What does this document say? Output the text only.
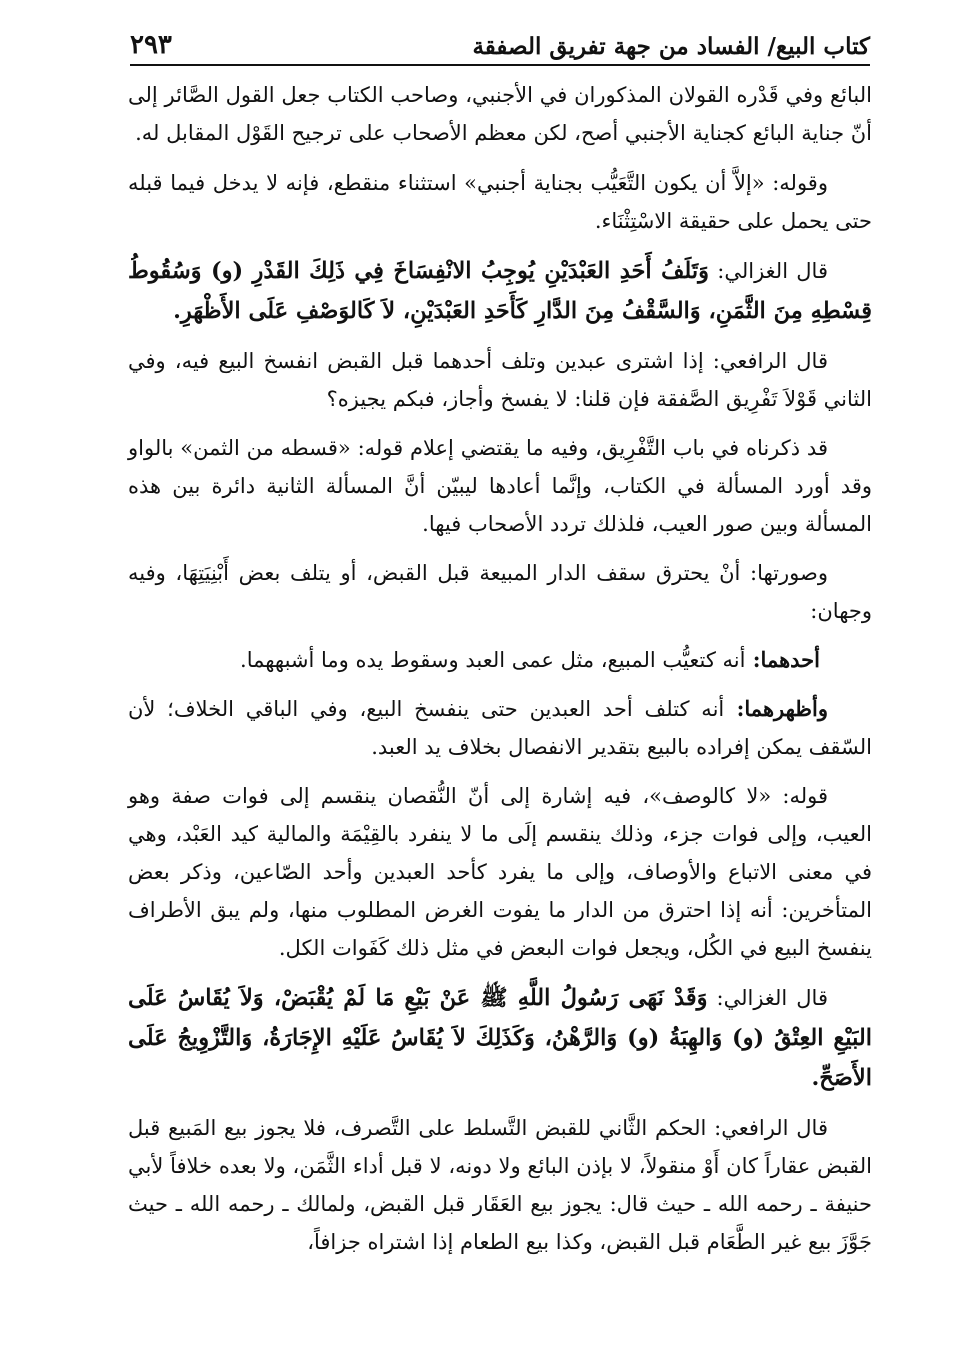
كتاب البيع/ الفساد من جهة تفريق الصفقة
٢٩٣

البائع وفي قَدْره القولان المذكوران في الأجنبي، وصاحب الكتاب جعل القول الصَّائر إلى أنّ جناية البائع كجناية الأجنبي أصح، لكن معظم الأصحاب على ترجيح القَوْل المقابل له.

وقوله: «إلاَّ أن يكون التَّعَيُّب بجناية أجنبي» استثناء منقطع، فإنه لا يدخل فيما قبله حتى يحمل على حقيقة الاسْتِثْنَاء.

قال الغزالي: وَتَلَفُ أَحَدِ العَبْدَيْنِ يُوجِبُ الانْفِسَاخَ فِي ذَلِكَ القَدْرِ (و) وَسُقُوطُ قِسْطِهِ مِنَ الثَّمَنِ، وَالسَّقْفُ مِنَ الدَّارِ كَأَحَدِ العَبْدَيْنِ، لاَ كَالوَصْفِ عَلَى الأَظْهَرِ.

قال الرافعي: إذا اشترى عبدين وتلف أحدهما قبل القبض انفسخ البيع فيه، وفي الثاني قَوْلاَ تَفْرِيق الصَّفقة فإن قلنا: لا يفسخ وأجاز، فبكم يجيزه؟

قد ذكرناه في باب التَّفْرِيق، وفيه ما يقتضي إعلام قوله: «قسطه من الثمن» بالواو وقد أورد المسألة في الكتاب، وإنَّما أعادها ليبيّن أنَّ المسألة الثانية دائرة بين هذه المسألة وبين صور العيب، فلذلك تردد الأصحاب فيها.

وصورتها: أنْ يحترق سقف الدار المبيعة قبل القبض، أو يتلف بعض أَبْنِيَتِهَا، وفيه وجهان:

أحدهما: أنه كتعيُّب المبيع، مثل عمى العبد وسقوط يده وما أشبههما.

وأظهرهما: أنه كتلف أحد العبدين حتى ينفسخ البيع، وفي الباقي الخلاف؛ لأن السّقف يمكن إفراده بالبيع بتقدير الانفصال بخلاف يد العبد.

قوله: «لا كالوصف»، فيه إشارة إلى أنّ النُّقصان ينقسم إلى فوات صفة وهو العيب، وإلى فوات جزء، وذلك ينقسم إلَى ما لا ينفرد بالقِيْمَة والمالية كيد العَبْد، وهي في معنى الاتباع والأوصاف، وإلى ما يفرد كأحد العبدين وأحد الصّاعين، وذكر بعض المتأخرين: أنه إذا احترق من الدار ما يفوت الغرض المطلوب منها، ولم يبق الأطراف ينفسخ البيع في الكُل، ويجعل فوات البعض في مثل ذلك كَفَوات الكل.

قال الغزالي: وَقَدْ نَهَى رَسُولُ اللَّهِ ﷺ عَنْ بَيْعِ مَا لَمْ يُقْبَضْ، وَلاَ يُقَاسُ عَلَى البَيْعِ العِتْقُ (و) وَالهِبَةُ (و) وَالرَّهْنُ، وَكَذَلِكَ لاَ يُقَاسُ عَلَيْهِ الإِجَارَةُ، وَالتَّزْوِيجُ عَلَى الأَصَحِّ.

قال الرافعي: الحكم الثَّاني للقبض التَّسلط على التَّصرف، فلا يجوز بيع المَبيع قبل القبض عقاراً كان أَوْ منقولاً، لا بإذن البائع ولا دونه، لا قبل أداء الثَّمَن، ولا بعده خلافاً لأبي حنيفة ـ رحمه الله ـ حيث قال: يجوز بيع العَقَار قبل القبض، ولمالك ـ رحمه الله ـ حيث جَوَّزَ بيع غير الطَّعَام قبل القبض، وكذا بيع الطعام إذا اشتراه جزافاً،
